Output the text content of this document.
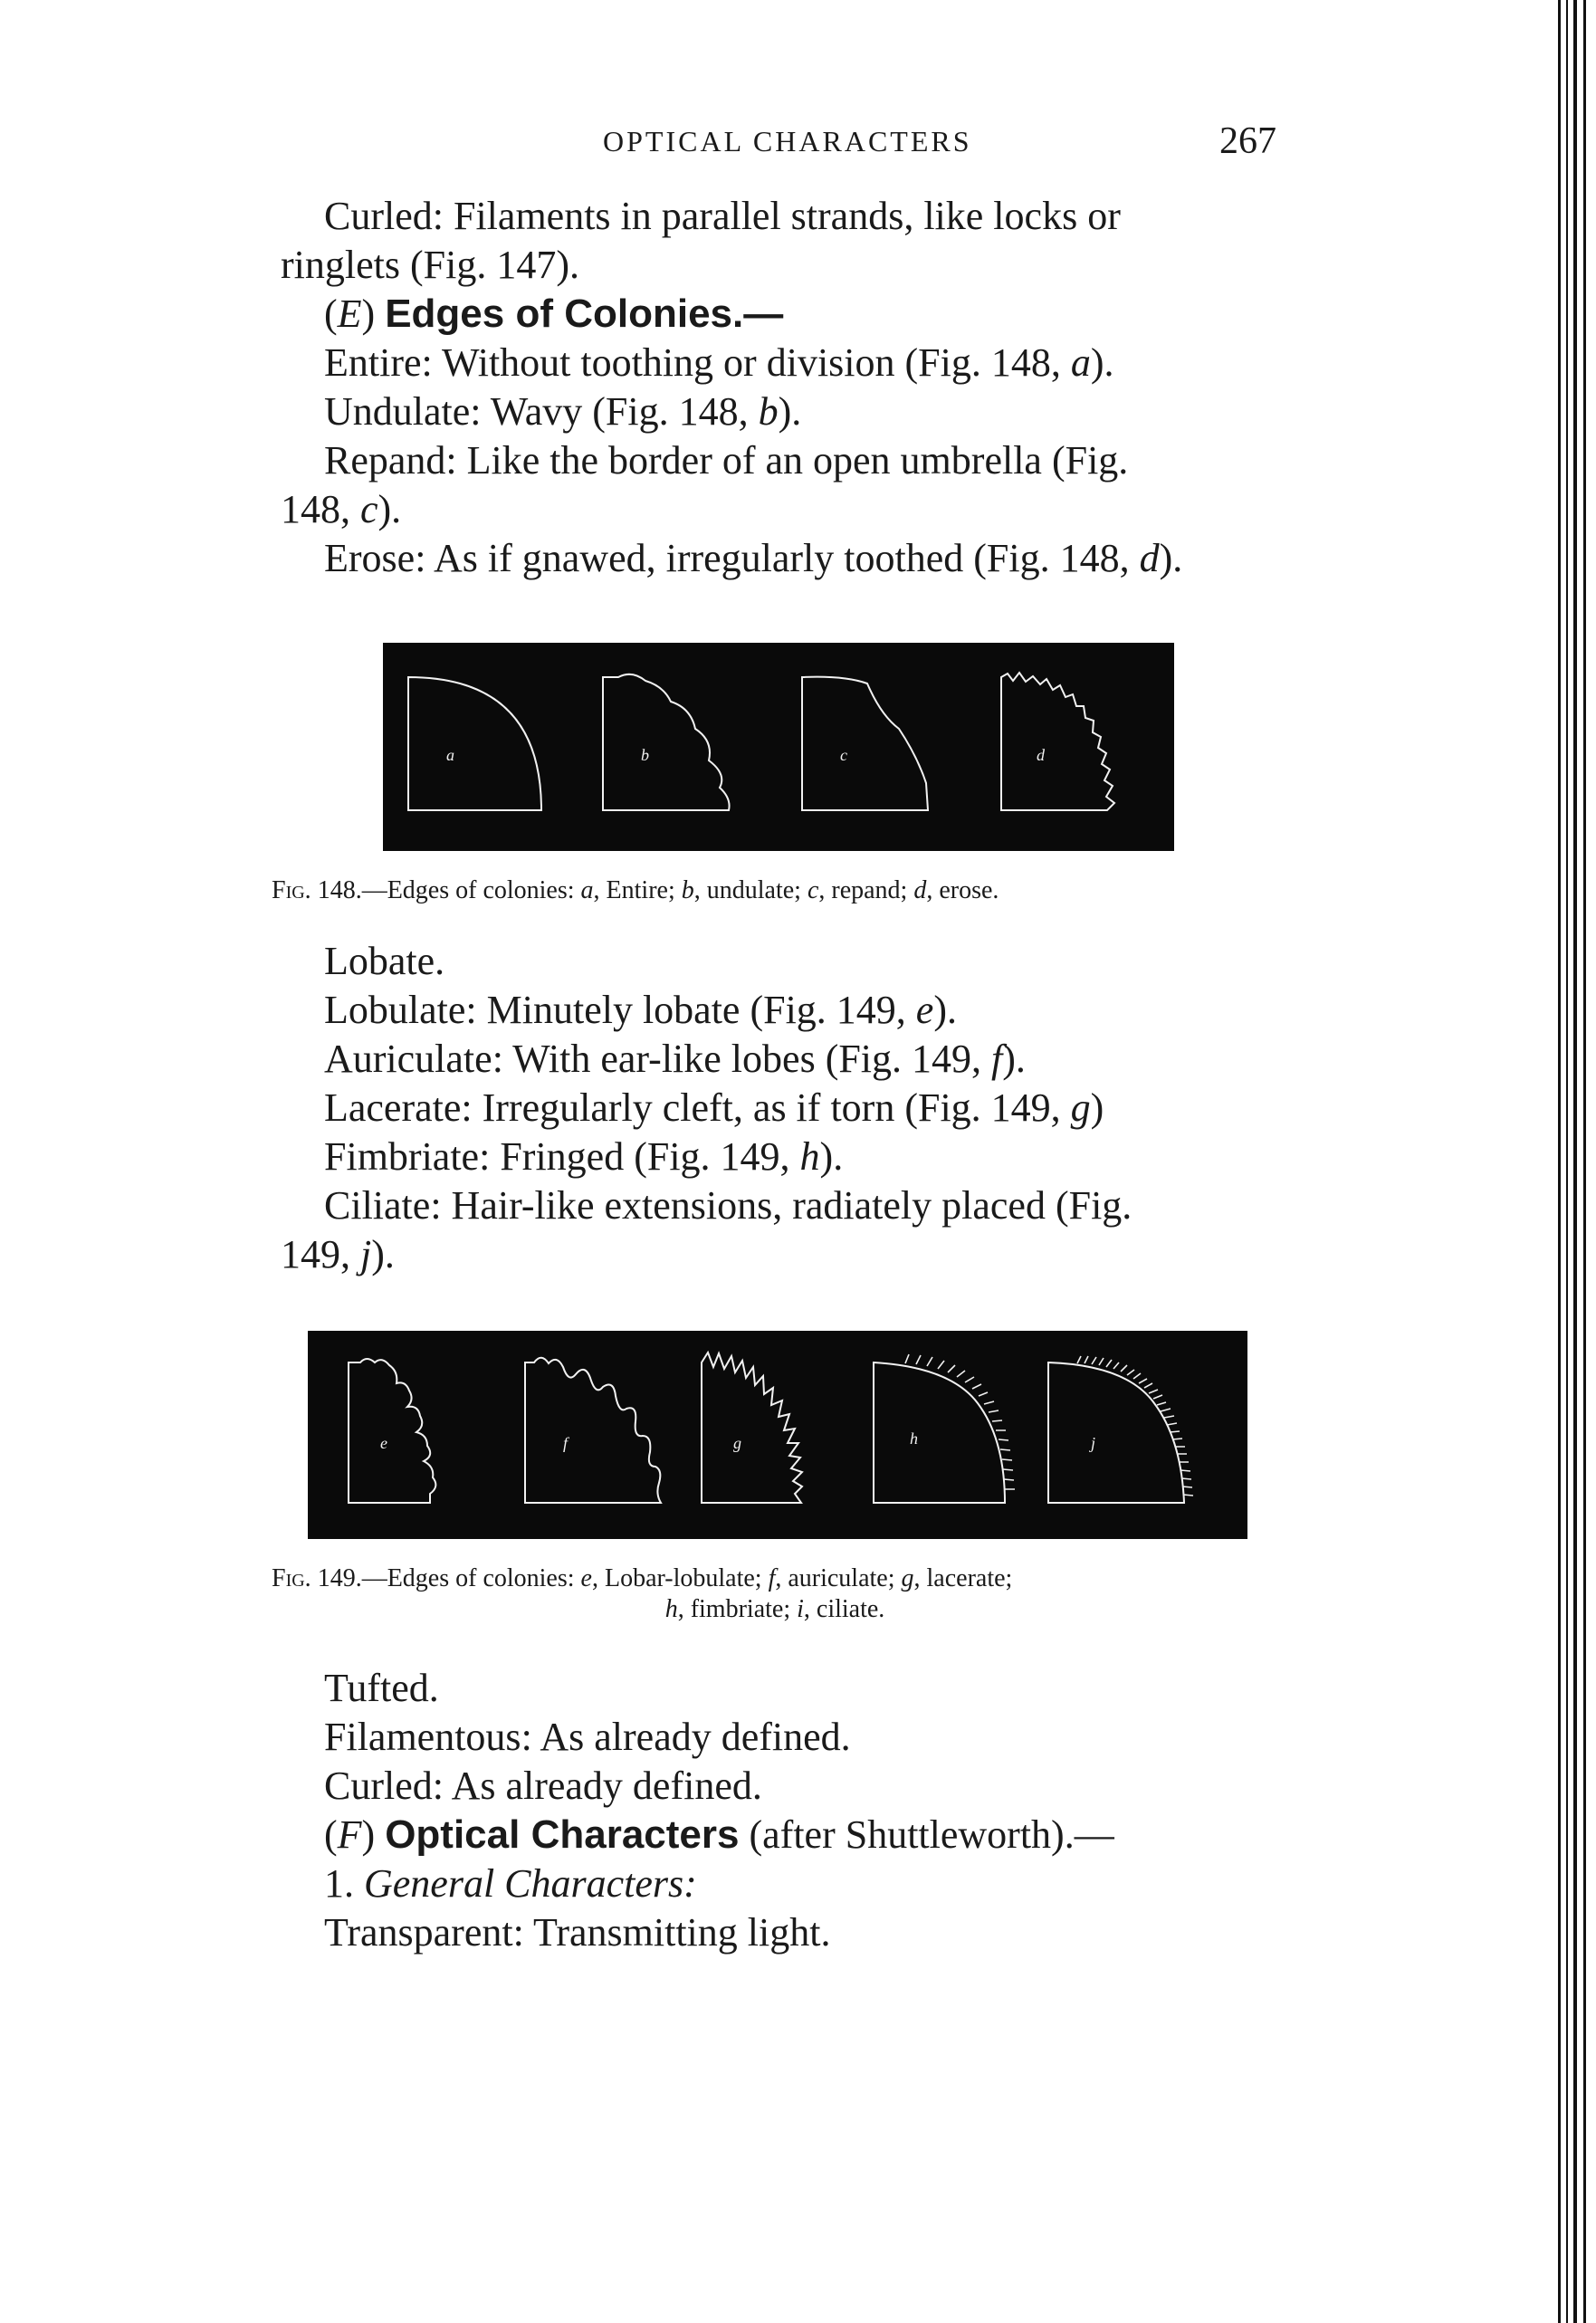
OPTICAL CHARACTERS	267

Curled: Filaments in parallel strands, like locks or

ringlets (Fig. 147).

(E) Edges of Colonies.—

Entire: Without toothing or division (Fig. 148, a).

Undulate: Wavy (Fig. 148, b).

Repand: Like the border of an open umbrella (Fig.

148, c).

Erose: As if gnawed, irregularly toothed (Fig. 148, d).

a	b	c	d
Fig. 148.—Edges of colonies: a, Entire; b, undulate; c, repand; d, erose.

Lobate.

Lobulate: Minutely lobate (Fig. 149, e).

Auriculate: With ear-like lobes (Fig. 149, f).

Lacerate: Irregularly cleft, as if torn (Fig. 149, g)

Fimbriate: Fringed (Fig. 149, h).

Ciliate: Hair-like extensions, radiately placed (Fig.

149, j).

e	f	g	h	j
Fig. 149.—Edges of colonies: e, Lobar-lobulate; f, auriculate; g, lacerate;
h, fimbriate; i, ciliate.

Tufted.

Filamentous: As already defined.

Curled: As already defined.

(F) Optical Characters (after Shuttleworth).—

1. General Characters:

Transparent: Transmitting light.
